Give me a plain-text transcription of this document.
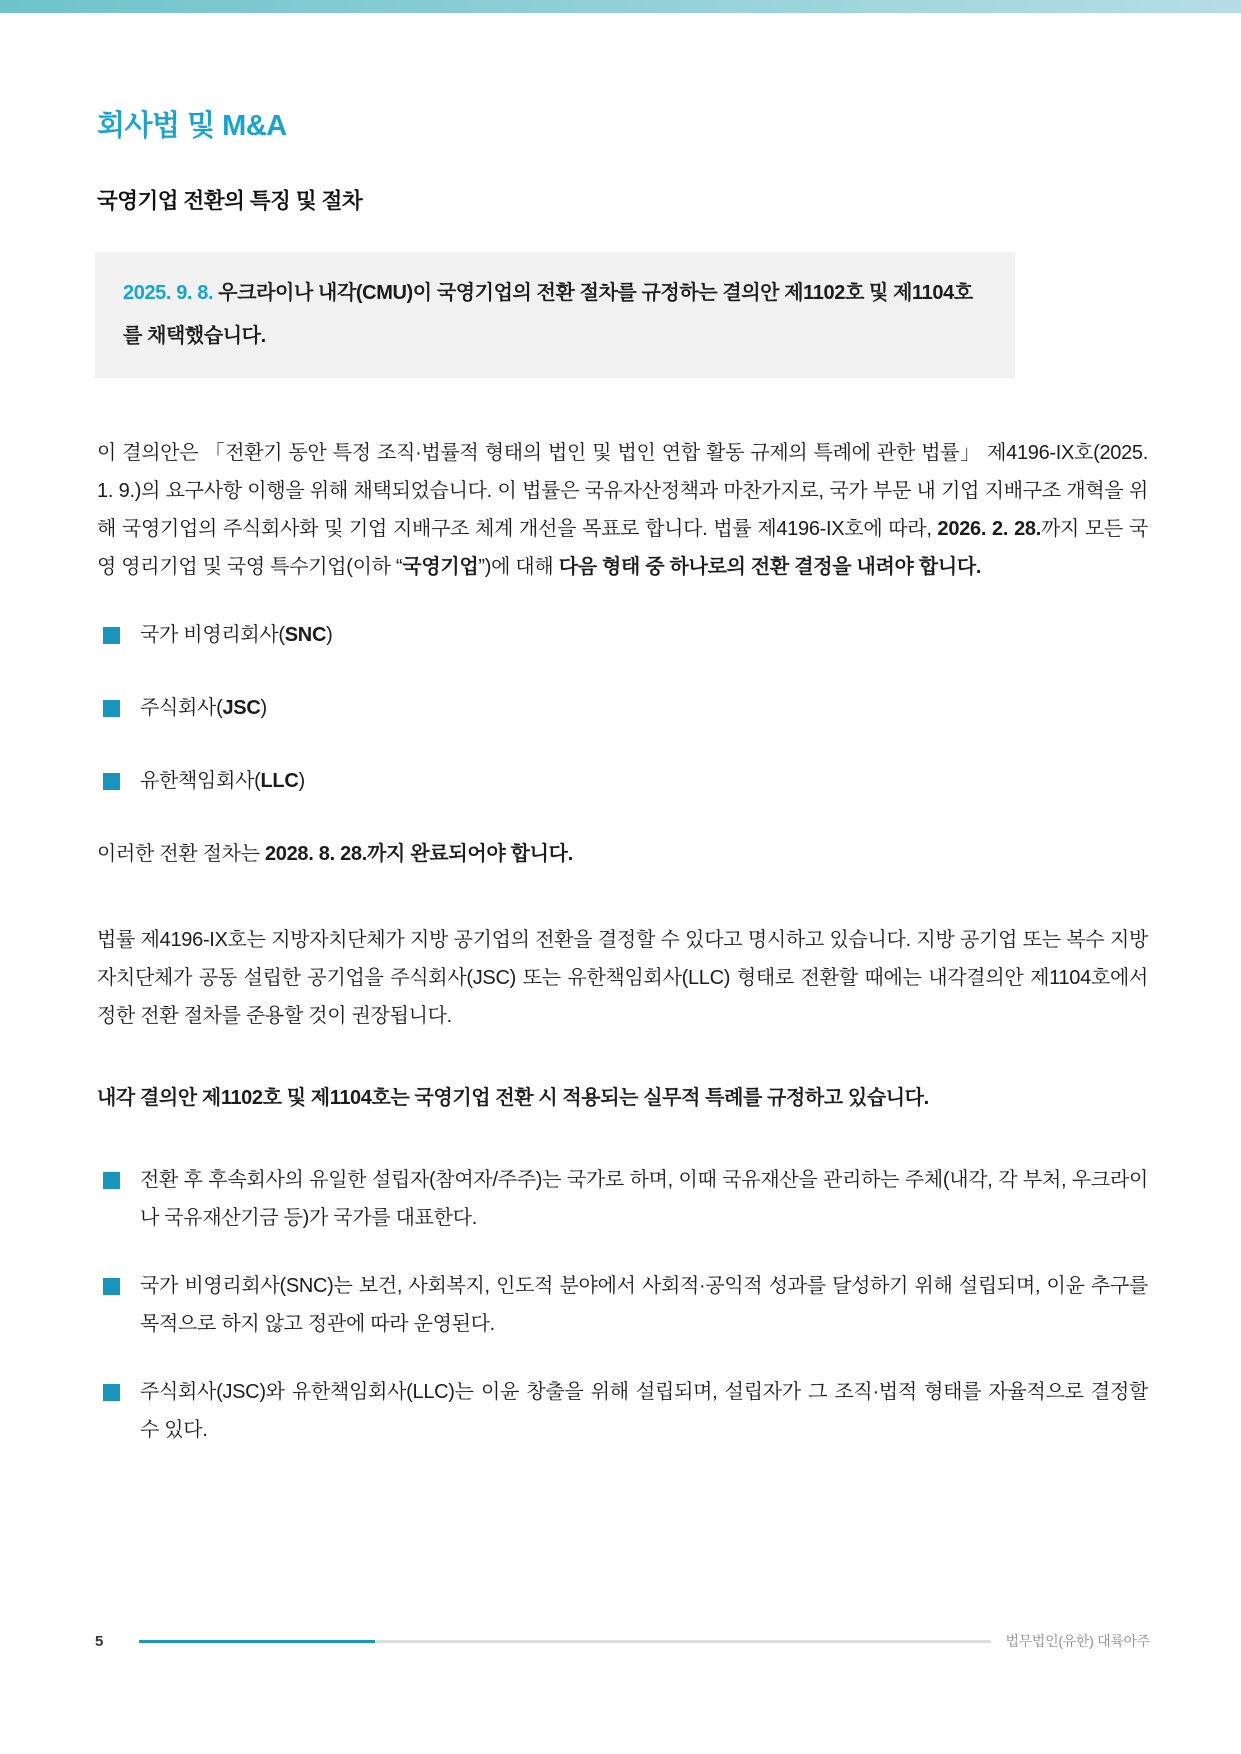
회사법 및 M&A
국영기업 전환의 특징 및 절차

2025. 9. 8. 우크라이나 내각(CMU)이 국영기업의 전환 절차를 규정하는 결의안 제1102호 및 제1104호를 채택했습니다.

이 결의안은 「전환기 동안 특정 조직·법률적 형태의 법인 및 법인 연합 활동 규제의 특례에 관한 법률」 제4196-IX호(2025. 1. 9.)의 요구사항 이행을 위해 채택되었습니다. 이 법률은 국유자산정책과 마찬가지로, 국가 부문 내 기업 지배구조 개혁을 위해 국영기업의 주식회사화 및 기업 지배구조 체계 개선을 목표로 합니다. 법률 제4196-IX호에 따라, 2026. 2. 28.까지 모든 국영 영리기업 및 국영 특수기업(이하 “국영기업”)에 대해 다음 형태 중 하나로의 전환 결정을 내려야 합니다.

국가 비영리회사(SNC)
주식회사(JSC)
유한책임회사(LLC)

이러한 전환 절차는 2028. 8. 28.까지 완료되어야 합니다.

법률 제4196-IX호는 지방자치단체가 지방 공기업의 전환을 결정할 수 있다고 명시하고 있습니다. 지방 공기업 또는 복수 지방자치단체가 공동 설립한 공기업을 주식회사(JSC) 또는 유한책임회사(LLC) 형태로 전환할 때에는 내각결의안 제1104호에서 정한 전환 절차를 준용할 것이 권장됩니다.

내각 결의안 제1102호 및 제1104호는 국영기업 전환 시 적용되는 실무적 특례를 규정하고 있습니다.

전환 후 후속회사의 유일한 설립자(참여자/주주)는 국가로 하며, 이때 국유재산을 관리하는 주체(내각, 각 부처, 우크라이나 국유재산기금 등)가 국가를 대표한다.
국가 비영리회사(SNC)는 보건, 사회복지, 인도적 분야에서 사회적·공익적 성과를 달성하기 위해 설립되며, 이윤 추구를 목적으로 하지 않고 정관에 따라 운영된다.
주식회사(JSC)와 유한책임회사(LLC)는 이윤 창출을 위해 설립되며, 설립자가 그 조직·법적 형태를 자율적으로 결정할 수 있다.
5	법무법인(유한) 대륙아주
